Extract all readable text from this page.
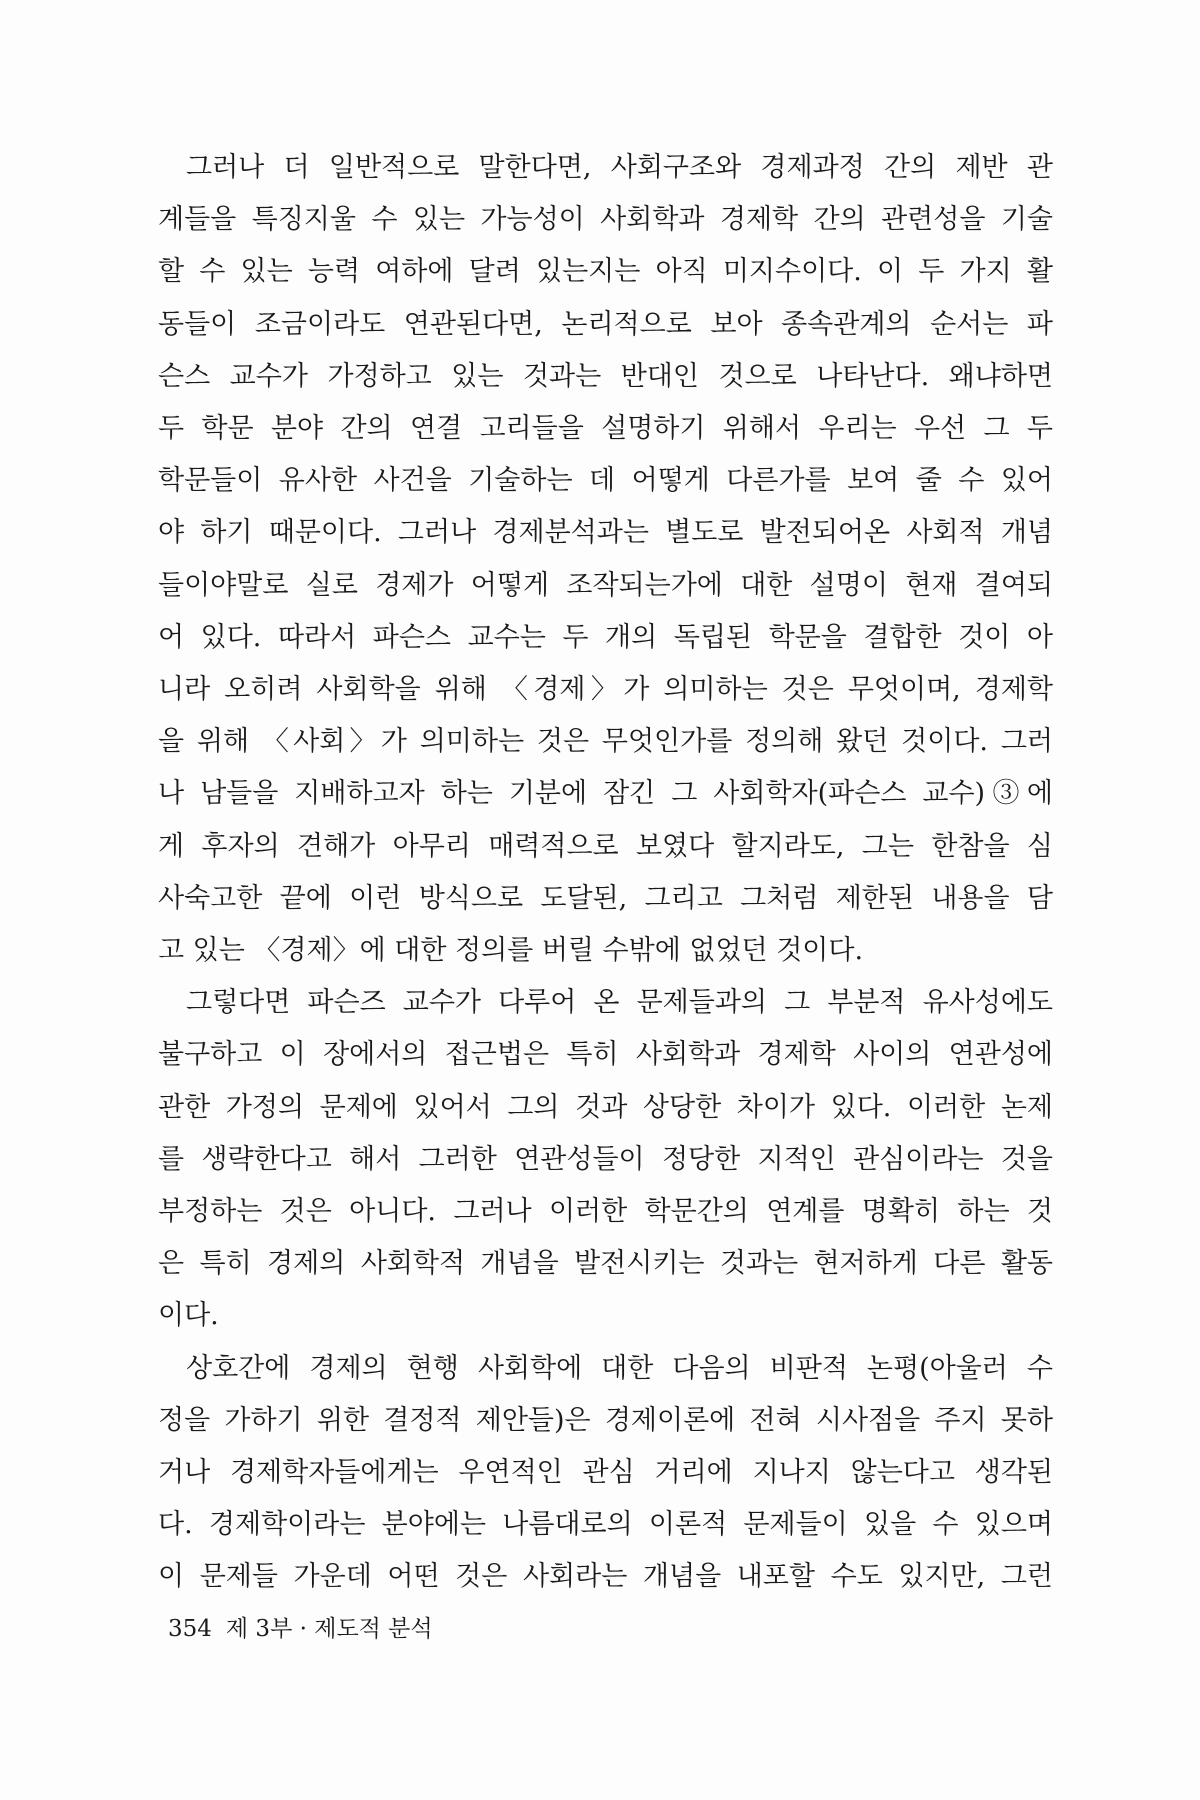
그러나 더 일반적으로 말한다면, 사회구조와 경제과정 간의 제반 관
계들을 특징지울 수 있는 가능성이 사회학과 경제학 간의 관련성을 기술
할 수 있는 능력 여하에 달려 있는지는 아직 미지수이다. 이 두 가지 활
동들이 조금이라도 연관된다면, 논리적으로 보아 종속관계의 순서는 파
슨스 교수가 가정하고 있는 것과는 반대인 것으로 나타난다. 왜냐하면
두 학문 분야 간의 연결 고리들을 설명하기 위해서 우리는 우선 그 두
학문들이 유사한 사건을 기술하는 데 어떻게 다른가를 보여 줄 수 있어
야 하기 때문이다. 그러나 경제분석과는 별도로 발전되어온 사회적 개념
들이야말로 실로 경제가 어떻게 조작되는가에 대한 설명이 현재 결여되
어 있다. 따라서 파슨스 교수는 두 개의 독립된 학문을 결합한 것이 아
니라 오히려 사회학을 위해 〈경제〉가 의미하는 것은 무엇이며, 경제학
을 위해 〈사회〉가 의미하는 것은 무엇인가를 정의해 왔던 것이다. 그러
나 남들을 지배하고자 하는 기분에 잠긴 그 사회학자(파슨스 교수)③에
게 후자의 견해가 아무리 매력적으로 보였다 할지라도, 그는 한참을 심
사숙고한 끝에 이런 방식으로 도달된, 그리고 그처럼 제한된 내용을 담
고 있는 〈경제〉에 대한 정의를 버릴 수밖에 없었던 것이다.
그렇다면 파슨즈 교수가 다루어 온 문제들과의 그 부분적 유사성에도
불구하고 이 장에서의 접근법은 특히 사회학과 경제학 사이의 연관성에
관한 가정의 문제에 있어서 그의 것과 상당한 차이가 있다. 이러한 논제
를 생략한다고 해서 그러한 연관성들이 정당한 지적인 관심이라는 것을
부정하는 것은 아니다. 그러나 이러한 학문간의 연계를 명확히 하는 것
은 특히 경제의 사회학적 개념을 발전시키는 것과는 현저하게 다른 활동
이다.
상호간에 경제의 현행 사회학에 대한 다음의 비판적 논평(아울러 수
정을 가하기 위한 결정적 제안들)은 경제이론에 전혀 시사점을 주지 못하
거나 경제학자들에게는 우연적인 관심 거리에 지나지 않는다고 생각된
다. 경제학이라는 분야에는 나름대로의 이론적 문제들이 있을 수 있으며
이 문제들 가운데 어떤 것은 사회라는 개념을 내포할 수도 있지만, 그런
354 제 3부 · 제도적 분석
